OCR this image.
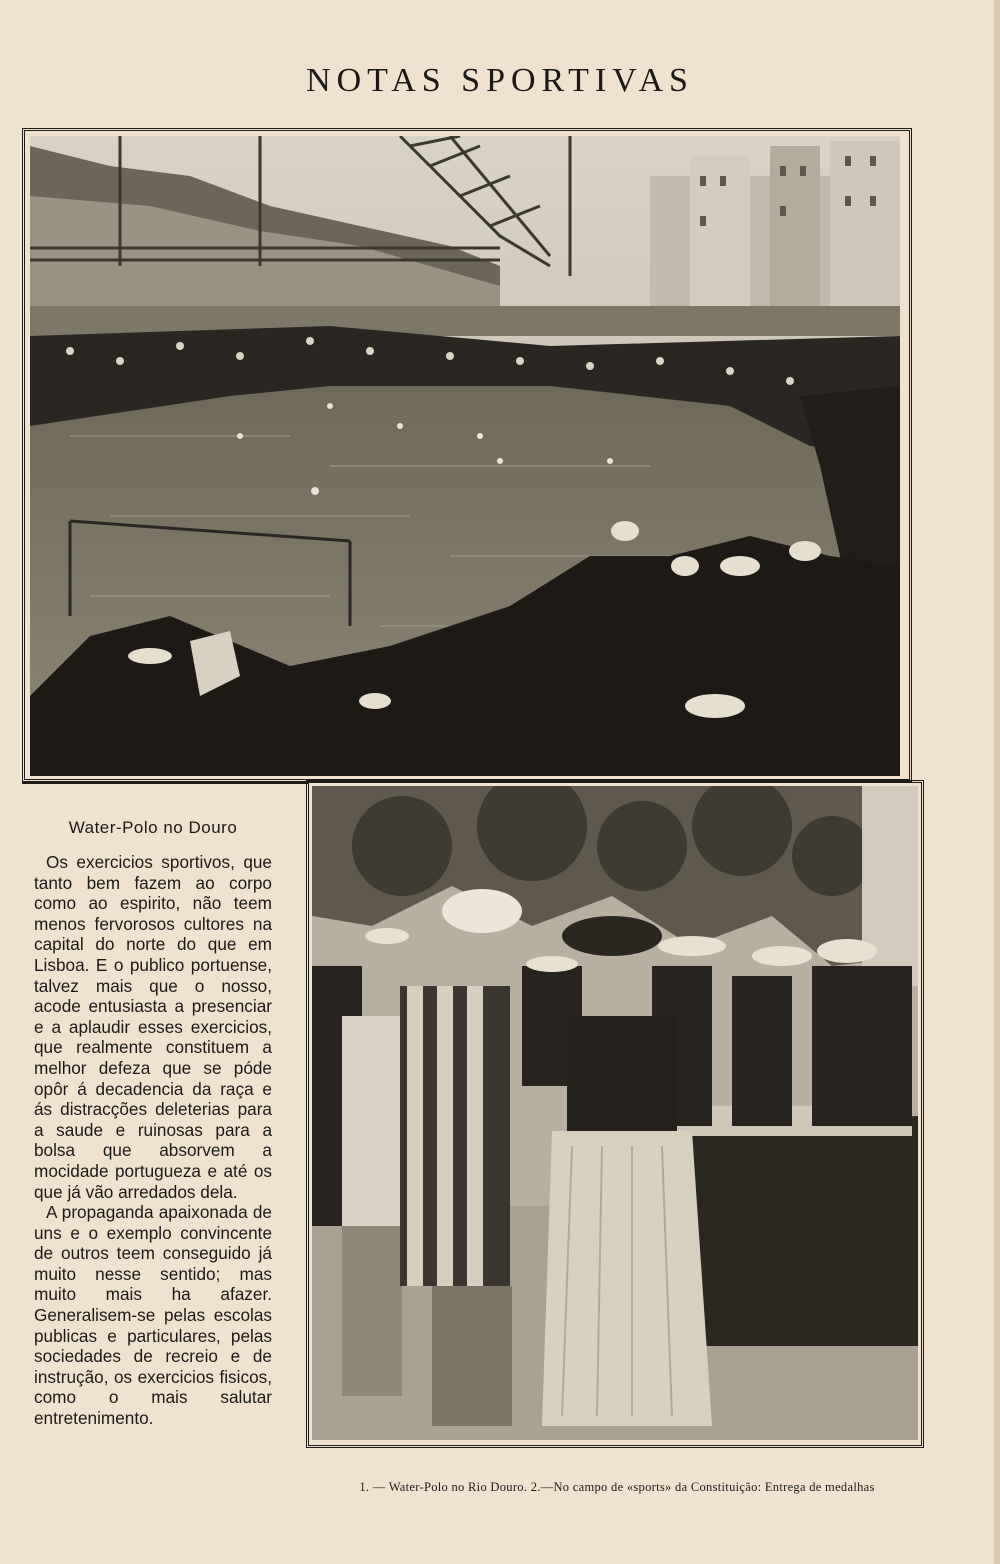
NOTAS SPORTIVAS
Water-Polo no Douro

Os exercicios sportivos, que tanto bem fazem ao corpo como ao espirito, não teem menos fervorosos cultores na capital do norte do que em Lisboa. E o publico portuense, talvez mais que o nosso, acode entusiasta a presenciar e a aplaudir esses exercicios, que realmente constituem a melhor defeza que se póde opôr á decadencia da raça e ás distracções deleterias para a saude e ruinosas para a bolsa que absorvem a mocidade portugueza e até os que já vão arredados dela.

A propaganda apaixonada de uns e o exemplo convincente de outros teem conseguido já muito nesse sentido; mas muito mais ha afazer. Generalisem-se pelas escolas publicas e particulares, pelas sociedades de recreio e de instrução, os exercicios fisicos, como o mais salutar entretenimento.

1. — Water-Polo no Rio Douro. 2.—No campo de «sports» da Constituição: Entrega de medalhas
